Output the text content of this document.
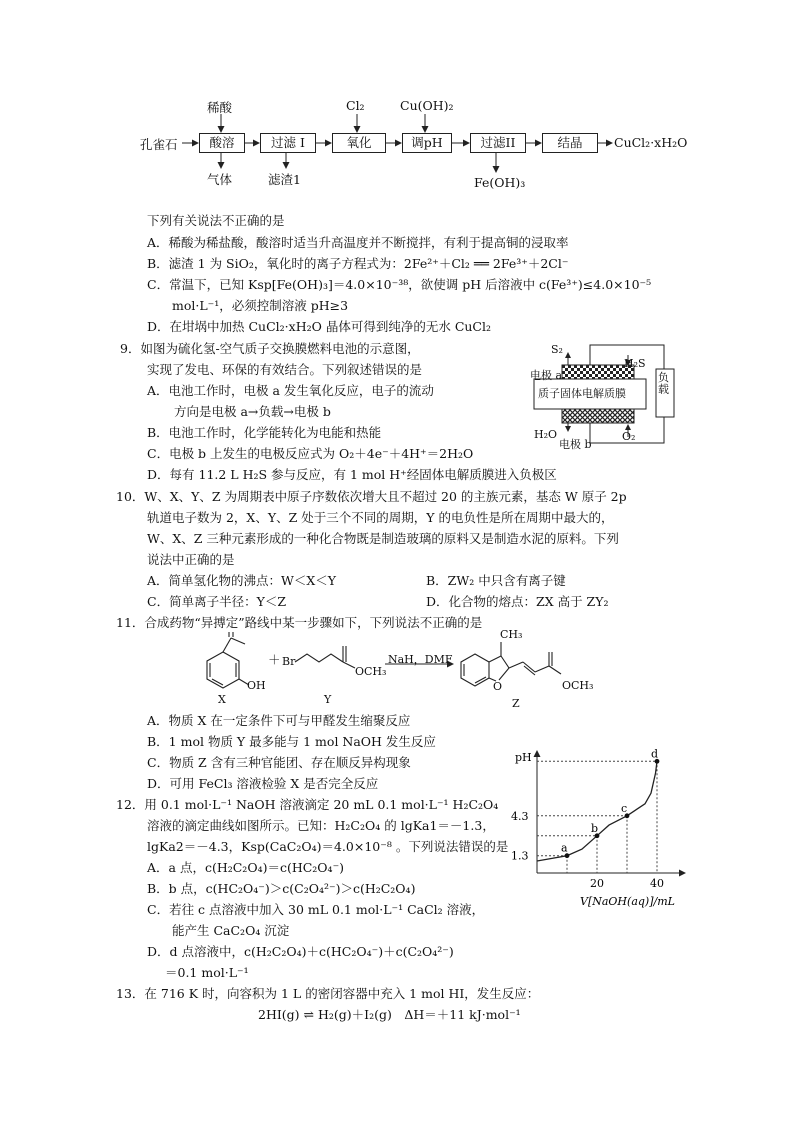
孔雀石	酸溶	过滤 I	氧化	调pH	过滤II	结晶	CuCl₂·xH₂O
稀酸	Cl₂	Cu(OH)₂
气体	滤渣1	Fe(OH)₃
下列有关说法不正确的是
A．稀酸为稀盐酸，酸溶时适当升高温度并不断搅拌，有利于提高铜的浸取率
B．滤渣 1 为 SiO₂，氧化时的离子方程式为：2Fe²⁺＋Cl₂ ══ 2Fe³⁺＋2Cl⁻
C．常温下，已知 Ksp[Fe(OH)₃]＝4.0×10⁻³⁸，欲使调 pH 后溶液中 c(Fe³⁺)≤4.0×10⁻⁵
mol·L⁻¹，必须控制溶液 pH≥3
D．在坩埚中加热 CuCl₂·xH₂O 晶体可得到纯净的无水 CuCl₂
9．如图为硫化氢-空气质子交换膜燃料电池的示意图，
实现了发电、环保的有效结合。下列叙述错误的是
A．电池工作时，电极 a 发生氧化反应，电子的流动
方向是电极 a→负载→电极 b
B．电池工作时，化学能转化为电能和热能
C．电极 b 上发生的电极反应式为 O₂＋4e⁻＋4H⁺＝2H₂O
D．每有 11.2 L H₂S 参与反应，有 1 mol H⁺经固体电解质膜进入负极区
S₂
电极 a
H₂S
质子固体电解质膜
H₂O
电极 b
O₂
负载
10．W、X、Y、Z 为周期表中原子序数依次增大且不超过 20 的主族元素，基态 W 原子 2p
轨道电子数为 2，X、Y、Z 处于三个不同的周期，Y 的电负性是所在周期中最大的，
W、X、Z 三种元素形成的一种化合物既是制造玻璃的原料又是制造水泥的原料。下列
说法中正确的是
A．简单氢化物的沸点：W＜X＜Y	B．ZW₂ 中只含有离子键
C．简单离子半径：Y＜Z	D．化合物的熔点：ZX 高于 ZY₂
11．合成药物“异搏定”路线中某一步骤如下，下列说法不正确的是
＋ Br
OCH₃
NaH，DMF
OH
CH₃
O	OCH₃
X	Y	Z
A．物质 X 在一定条件下可与甲醛发生缩聚反应
B．1 mol 物质 Y 最多能与 1 mol NaOH 发生反应
C．物质 Z 含有三种官能团、存在顺反异构现象
D．可用 FeCl₃ 溶液检验 X 是否完全反应
12．用 0.1 mol·L⁻¹ NaOH 溶液滴定 20 mL 0.1 mol·L⁻¹ H₂C₂O₄
溶液的滴定曲线如图所示。已知：H₂C₂O₄ 的 lgKa1＝－1.3，
lgKa2＝－4.3，Ksp(CaC₂O₄)＝4.0×10⁻⁸ 。下列说法错误的是
A．a 点，c(H₂C₂O₄)＝c(HC₂O₄⁻)
B．b 点，c(HC₂O₄⁻)＞c(C₂O₄²⁻)＞c(H₂C₂O₄)
C．若往 c 点溶液中加入 30 mL 0.1 mol·L⁻¹ CaCl₂ 溶液，
能产生 CaC₂O₄ 沉淀
D．d 点溶液中，c(H₂C₂O₄)＋c(HC₂O₄⁻)＋c(C₂O₄²⁻)
＝0.1 mol·L⁻¹
a
b
c
d
20	40
1.3
4.3
pH
V[NaOH(aq)]/mL
13．在 716 K 时，向容积为 1 L 的密闭容器中充入 1 mol HI，发生反应：
2HI(g) ⇌ H₂(g)＋I₂(g)　ΔH＝＋11 kJ·mol⁻¹
